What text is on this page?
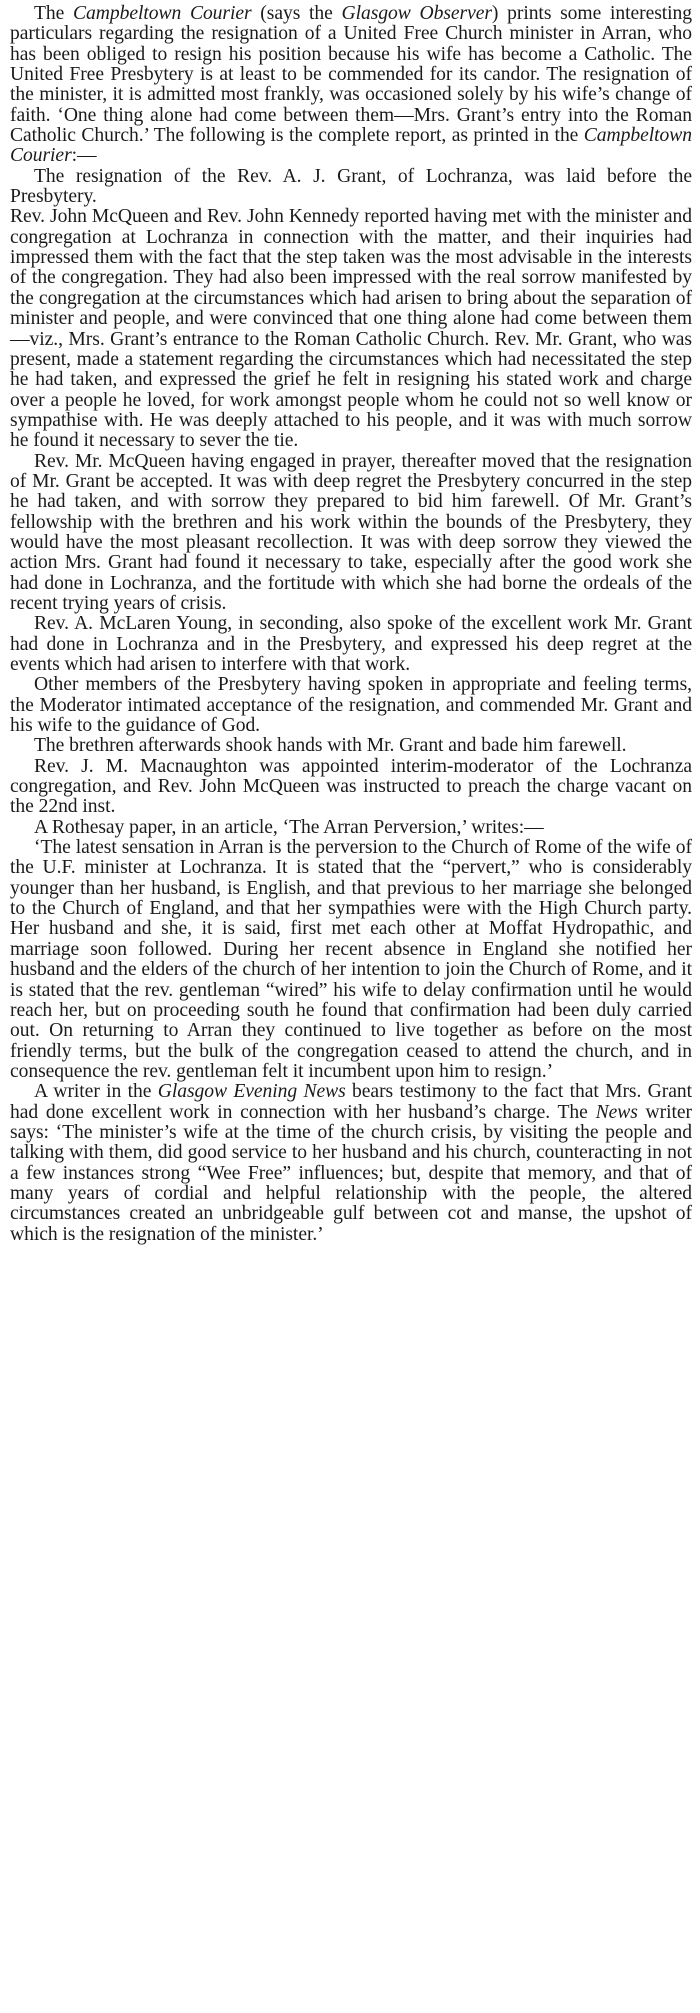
The Campbeltown Courier (says the Glasgow Observer) prints some interesting particulars regarding the resignation of a United Free Church minister in Arran, who has been obliged to resign his position because his wife has become a Catholic. The United Free Presbytery is at least to be commended for its candor. The resignation of the minister, it is admitted most frankly, was occasioned solely by his wife’s change of faith. ‘One thing alone had come between them—Mrs. Grant’s entry into the Roman Catholic Church.’ The following is the complete report, as printed in the Campbeltown Courier:—

The resignation of the Rev. A. J. Grant, of Lochranza, was laid before the Presbytery.

Rev. John McQueen and Rev. John Kennedy reported having met with the minister and congregation at Lochranza in connection with the matter, and their inquiries had impressed them with the fact that the step taken was the most advisable in the interests of the congregation. They had also been impressed with the real sorrow manifested by the congregation at the circumstances which had arisen to bring about the separation of minister and people, and were convinced that one thing alone had come between them—viz., Mrs. Grant’s entrance to the Roman Catholic Church. Rev. Mr. Grant, who was present, made a statement regarding the circumstances which had necessitated the step he had taken, and expressed the grief he felt in resigning his stated work and charge over a people he loved, for work amongst people whom he could not so well know or sympathise with. He was deeply attached to his people, and it was with much sorrow he found it necessary to sever the tie.

Rev. Mr. McQueen having engaged in prayer, thereafter moved that the resignation of Mr. Grant be accepted. It was with deep regret the Presbytery concurred in the step he had taken, and with sorrow they prepared to bid him farewell. Of Mr. Grant’s fellowship with the brethren and his work within the bounds of the Presbytery, they would have the most pleasant recollection. It was with deep sorrow they viewed the action Mrs. Grant had found it necessary to take, especially after the good work she had done in Lochranza, and the fortitude with which she had borne the ordeals of the recent trying years of crisis.

Rev. A. McLaren Young, in seconding, also spoke of the excellent work Mr. Grant had done in Lochranza and in the Presbytery, and expressed his deep regret at the events which had arisen to interfere with that work.

Other members of the Presbytery having spoken in appropriate and feeling terms, the Moderator intimated acceptance of the resignation, and commended Mr. Grant and his wife to the guidance of God.

The brethren afterwards shook hands with Mr. Grant and bade him farewell.

Rev. J. M. Macnaughton was appointed interim-moderator of the Lochranza congregation, and Rev. John McQueen was instructed to preach the charge vacant on the 22nd inst.

A Rothesay paper, in an article, ‘The Arran Perversion,’ writes:—

‘The latest sensation in Arran is the perversion to the Church of Rome of the wife of the U.F. minister at Lochranza. It is stated that the “pervert,” who is considerably younger than her husband, is English, and that previous to her marriage she belonged to the Church of England, and that her sympathies were with the High Church party. Her husband and she, it is said, first met each other at Moffat Hydropathic, and marriage soon followed. During her recent absence in England she notified her husband and the elders of the church of her intention to join the Church of Rome, and it is stated that the rev. gentleman “wired” his wife to delay confirmation until he would reach her, but on proceeding south he found that confirmation had been duly carried out. On returning to Arran they continued to live together as before on the most friendly terms, but the bulk of the congregation ceased to attend the church, and in consequence the rev. gentleman felt it incumbent upon him to resign.’

A writer in the Glasgow Evening News bears testimony to the fact that Mrs. Grant had done excellent work in connection with her husband’s charge. The News writer says: ‘The minister’s wife at the time of the church crisis, by visiting the people and talking with them, did good service to her husband and his church, counteracting in not a few instances strong “Wee Free” influences; but, despite that memory, and that of many years of cordial and helpful relationship with the people, the altered circumstances created an unbridgeable gulf between cot and manse, the upshot of which is the resignation of the minister.’
